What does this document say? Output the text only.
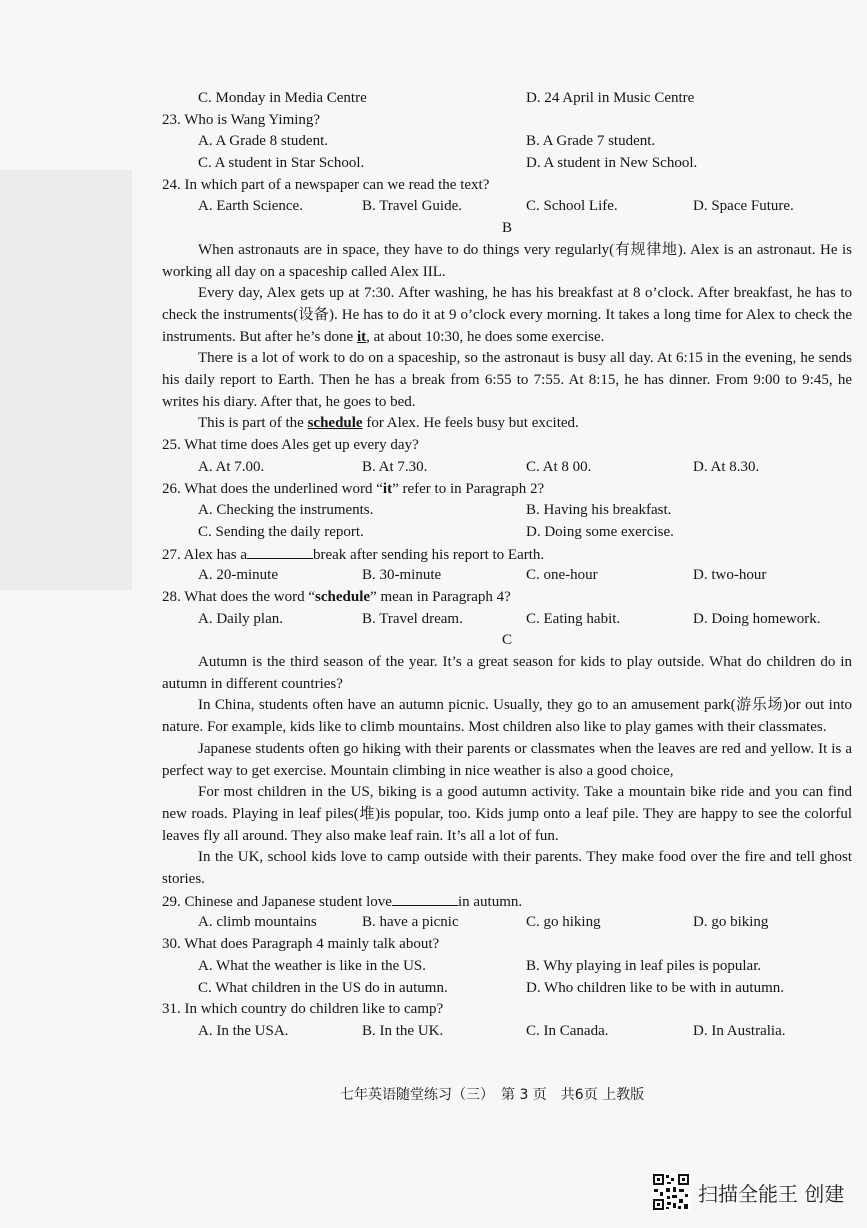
C. Monday in Media Centre	D. 24 April in Music Centre
23. Who is Wang Yiming?
A. A Grade 8 student.	B. A Grade 7 student.
C. A student in Star School.	D. A student in New School.
24. In which part of a newspaper can we read the text?
A. Earth Science.	B. Travel Guide.	C. School Life.	D. Space Future.
B

When astronauts are in space, they have to do things very regularly(有规律地). Alex is an astronaut. He is working all day on a spaceship called Alex IIL.

Every day, Alex gets up at 7:30. After washing, he has his breakfast at 8 o’clock. After breakfast, he has to check the instruments(设备). He has to do it at 9 o’clock every morning. It takes a long time for Alex to check the instruments. But after he’s done it, at about 10:30, he does some exercise.

There is a lot of work to do on a spaceship, so the astronaut is busy all day. At 6:15 in the evening, he sends his daily report to Earth. Then he has a break from 6:55 to 7:55. At 8:15, he has dinner. From 9:00 to 9:45, he writes his diary. After that, he goes to bed.

This is part of the schedule for Alex. He feels busy but excited.

25. What time does Ales get up every day?
A. At 7.00.	B. At 7.30.	C. At 8 00.	D. At 8.30.
26. What does the underlined word “it” refer to in Paragraph 2?
A. Checking the instruments.	B. Having his breakfast.
C. Sending the daily report.	D. Doing some exercise.
27. Alex has a	break after sending his report to Earth.
A. 20-minute	B. 30-minute	C. one-hour	D. two-hour
28. What does the word “schedule” mean in Paragraph 4?
A. Daily plan.	B. Travel dream.	C. Eating habit.	D. Doing homework.
C

Autumn is the third season of the year. It’s a great season for kids to play outside. What do children do in autumn in different countries?

In China, students often have an autumn picnic. Usually, they go to an amusement park(游乐场)or out into nature. For example, kids like to climb mountains. Most children also like to play games with their classmates.

Japanese students often go hiking with their parents or classmates when the leaves are red and yellow. It is a perfect way to get exercise. Mountain climbing in nice weather is also a good choice,

For most children in the US, biking is a good autumn activity. Take a mountain bike ride and you can find new roads. Playing in leaf piles(堆)is popular, too. Kids jump onto a leaf pile. They are happy to see the colorful leaves fly all around. They also make leaf rain. It’s all a lot of fun.

In the UK, school kids love to camp outside with their parents. They make food over the fire and tell ghost stories.

29. Chinese and Japanese student love	in autumn.
A. climb mountains	B. have a picnic	C. go hiking	D. go biking
30. What does Paragraph 4 mainly talk about?
A. What the weather is like in the US.	B. Why playing in leaf piles is popular.
C. What children in the US do in autumn.	D. Who children like to be with in autumn.
31. In which country do children like to camp?
A. In the USA.	B. In the UK.	C. In Canada.	D. In Australia.
七年英语随堂练习（三）　第 3 页　共6页 上教版
扫描全能王 创建
